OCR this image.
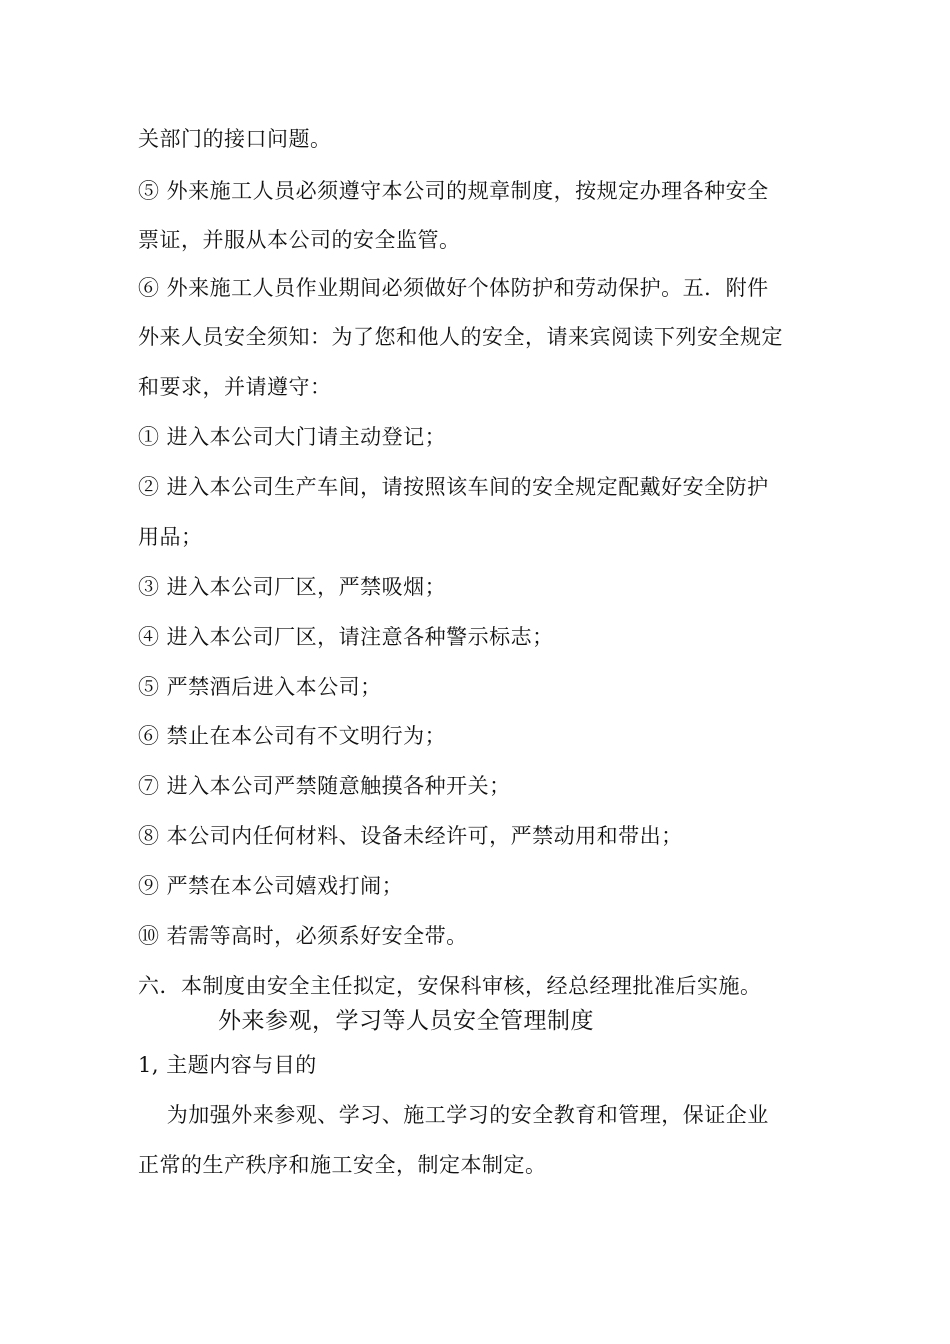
关部门的接口问题。
⑤ 外来施工人员必须遵守本公司的规章制度，按规定办理各种安全
票证，并服从本公司的安全监管。
⑥ 外来施工人员作业期间必须做好个体防护和劳动保护。五．附件
外来人员安全须知：为了您和他人的安全，请来宾阅读下列安全规定
和要求，并请遵守：
① 进入本公司大门请主动登记；
② 进入本公司生产车间，请按照该车间的安全规定配戴好安全防护
用品；
③ 进入本公司厂区，严禁吸烟；
④ 进入本公司厂区，请注意各种警示标志；
⑤ 严禁酒后进入本公司；
⑥ 禁止在本公司有不文明行为；
⑦ 进入本公司严禁随意触摸各种开关；
⑧ 本公司内任何材料、设备未经许可，严禁动用和带出；
⑨ 严禁在本公司嬉戏打闹；
⑩ 若需等高时，必须系好安全带。
六．本制度由安全主任拟定，安保科审核，经总经理批准后实施。
外来参观，学习等人员安全管理制度
1, 主题内容与目的
为加强外来参观、学习、施工学习的安全教育和管理，保证企业
正常的生产秩序和施工安全，制定本制定。
